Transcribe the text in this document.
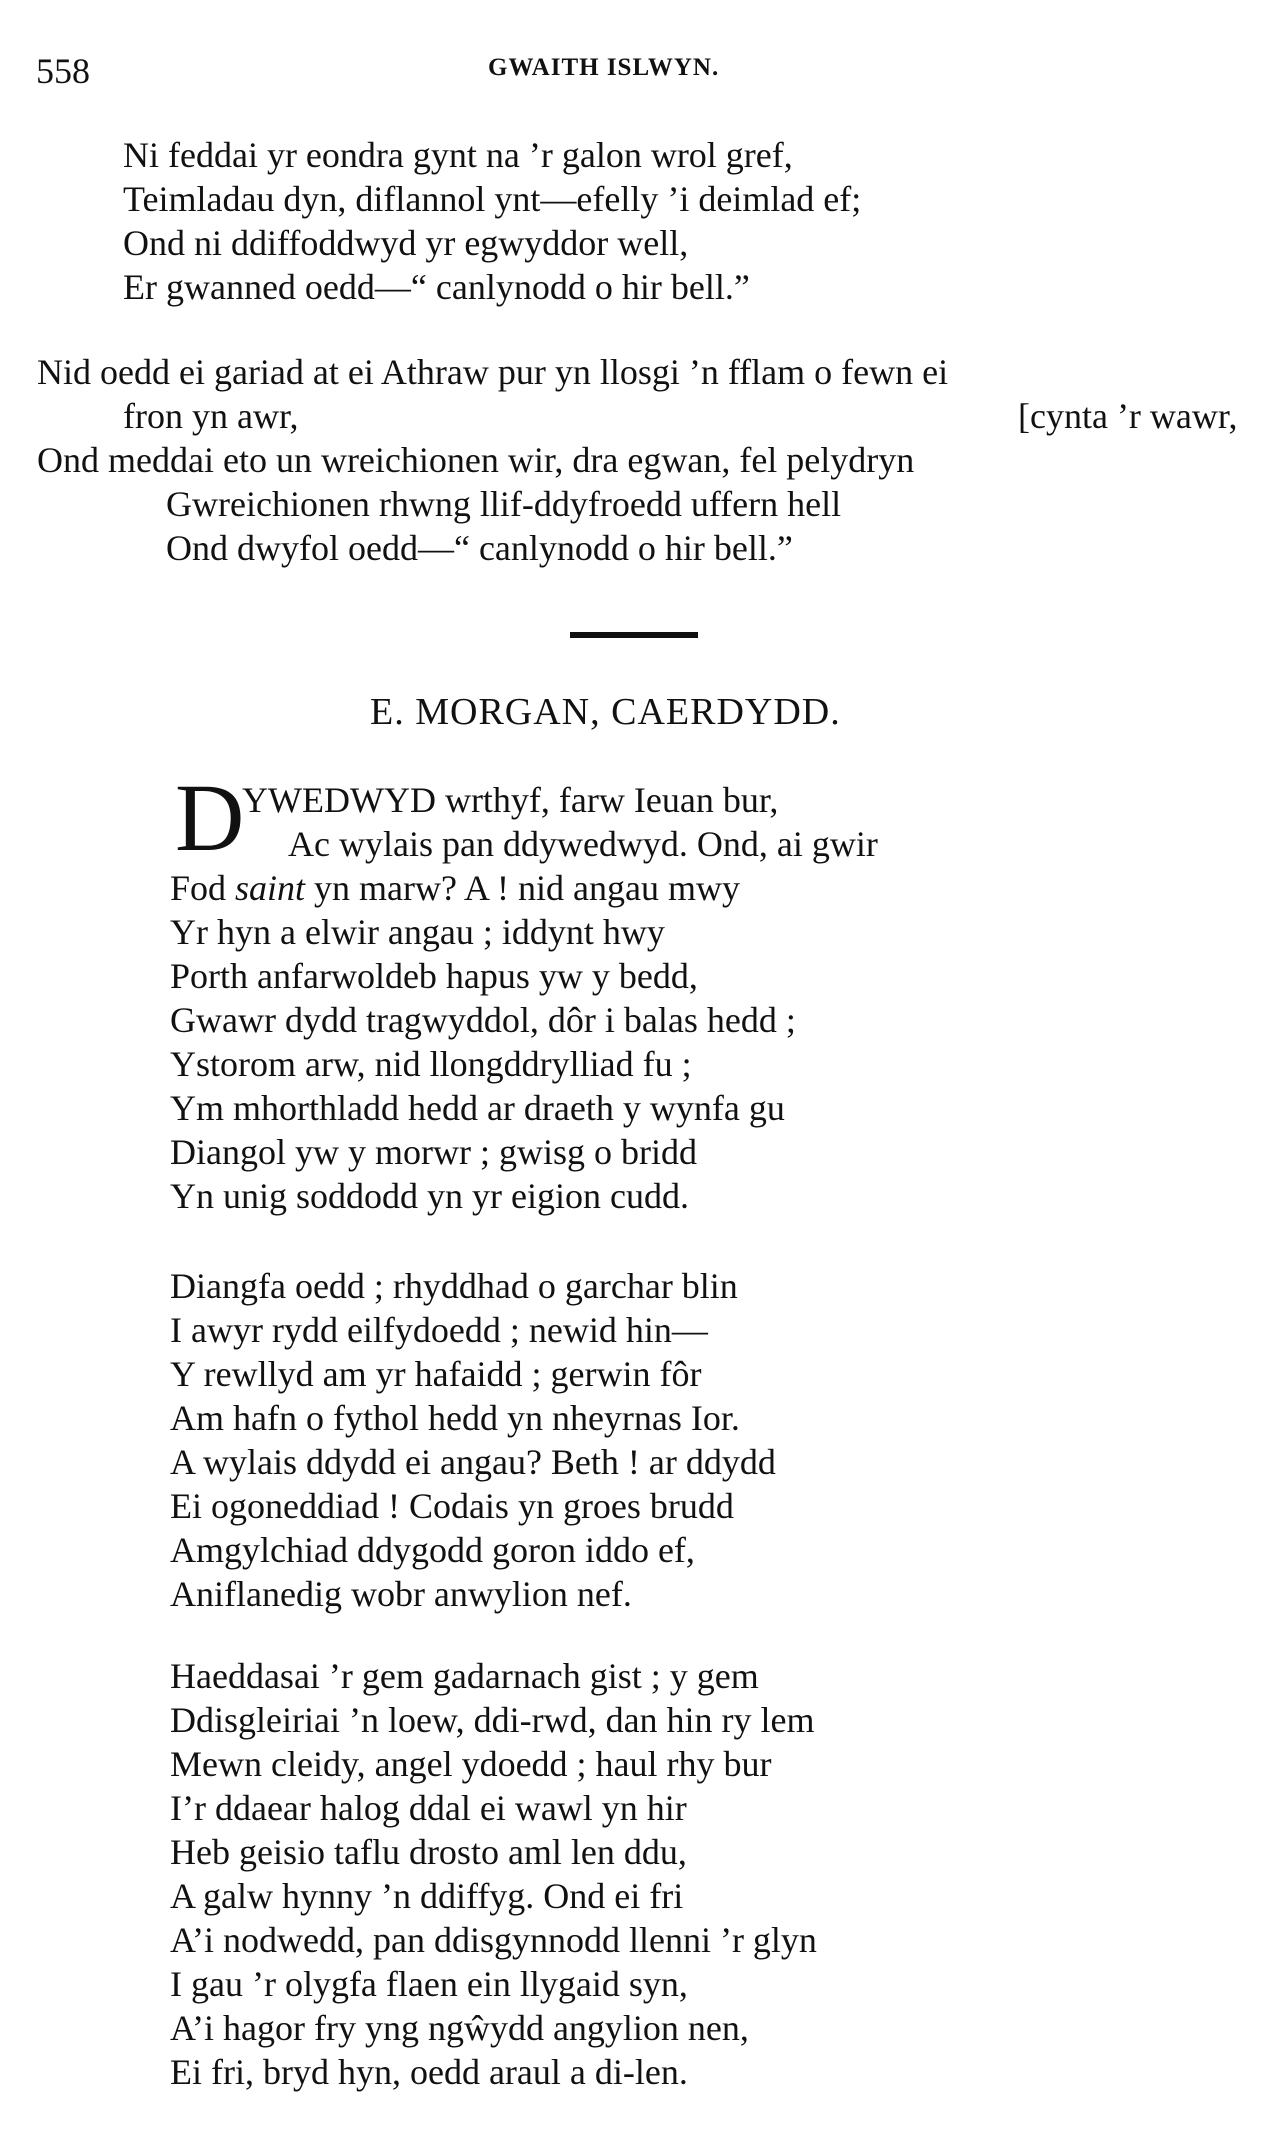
558	GWAITH ISLWYN.
Ni feddai yr eondra gynt na ’r galon wrol gref,
Teimladau dyn, diflannol ynt—efelly ’i deimlad ef;
Ond ni ddiffoddwyd yr egwyddor well,
Er gwanned oedd—“ canlynodd o hir bell.”
Nid oedd ei gariad at ei Athraw pur yn llosgi ’n fflam o fewn ei
fron yn awr,	[cynta ’r wawr,
Ond meddai eto un wreichionen wir, dra egwan, fel pelydryn
Gwreichionen rhwng llif-ddyfroedd uffern hell
Ond dwyfol oedd—“ canlynodd o hir bell.”
E. MORGAN, CAERDYDD.
D
YWEDWYD wrthyf, farw Ieuan bur,
Ac wylais pan ddywedwyd. Ond, ai gwir
Fod saint yn marw? A ! nid angau mwy
Yr hyn a elwir angau ; iddynt hwy
Porth anfarwoldeb hapus yw y bedd,
Gwawr dydd tragwyddol, dôr i balas hedd ;
Ystorom arw, nid llongddrylliad fu ;
Ym mhorthladd hedd ar draeth y wynfa gu
Diangol yw y morwr ; gwisg o bridd
Yn unig soddodd yn yr eigion cudd.
Diangfa oedd ; rhyddhad o garchar blin
I awyr rydd eilfydoedd ; newid hin—
Y rewllyd am yr hafaidd ; gerwin fôr
Am hafn o fythol hedd yn nheyrnas Ior.
A wylais ddydd ei angau? Beth ! ar ddydd
Ei ogoneddiad ! Codais yn groes brudd
Amgylchiad ddygodd goron iddo ef,
Aniflanedig wobr anwylion nef.
Haeddasai ’r gem gadarnach gist ; y gem
Ddisgleiriai ’n loew, ddi-rwd, dan hin ry lem
Mewn cleidy, angel ydoedd ; haul rhy bur
I’r ddaear halog ddal ei wawl yn hir
Heb geisio taflu drosto aml len ddu,
A galw hynny ’n ddiffyg. Ond ei fri
A’i nodwedd, pan ddisgynnodd llenni ’r glyn
I gau ’r olygfa flaen ein llygaid syn,
A’i hagor fry yng ngŵydd angylion nen,
Ei fri, bryd hyn, oedd araul a di-len.
